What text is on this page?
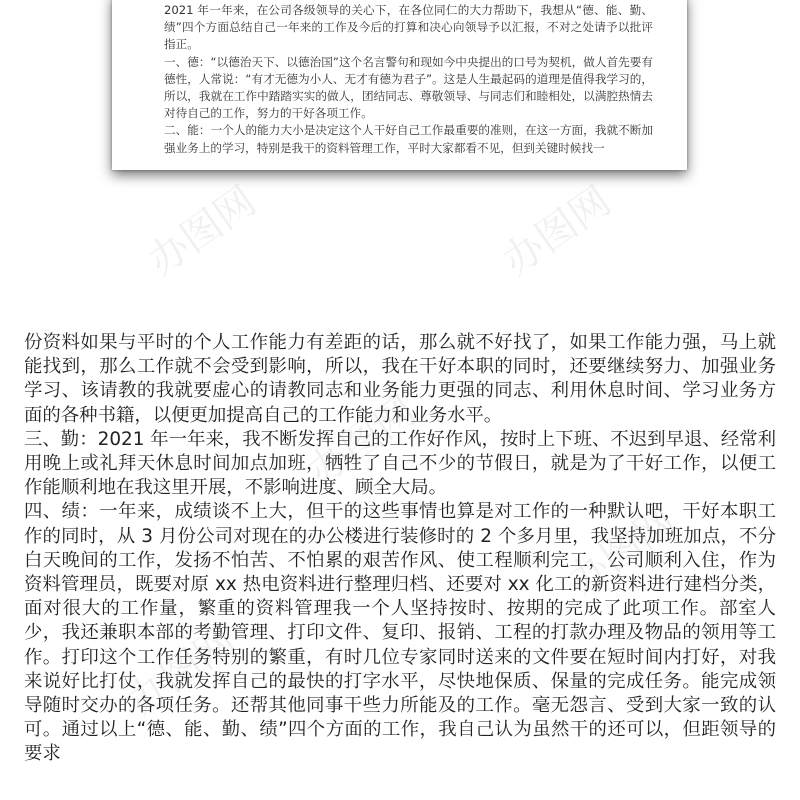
2021 年一年来，在公司各级领导的关心下，在各位同仁的大力帮助下，我想从“德、能、勤、绩”四个方面总结自己一年来的工作及今后的打算和决心向领导予以汇报，不对之处请予以批评指正。

一、德：“以德治天下、以德治国”这个名言警句和现如今中央提出的口号为契机，做人首先要有德性，人常说：“有才无德为小人、无才有德为君子”。这是人生最起码的道理是值得我学习的，所以，我就在工作中踏踏实实的做人，团结同志、尊敬领导、与同志们和睦相处，以满腔热情去对待自己的工作，努力的干好各项工作。

二、能：一个人的能力大小是决定这个人干好自己工作最重要的准则，在这一方面，我就不断加强业务上的学习，特别是我干的资料管理工作，平时大家都看不见，但到关键时候找一

办图网	办图网
办图网
办图网
办图网

份资料如果与平时的个人工作能力有差距的话，那么就不好找了，如果工作能力强，马上就能找到，那么工作就不会受到影响，所以，我在干好本职的同时，还要继续努力、加强业务学习、该请教的我就要虚心的请教同志和业务能力更强的同志、利用休息时间、学习业务方面的各种书籍，以便更加提高自己的工作能力和业务水平。

三、勤：2021 年一年来，我不断发挥自己的工作好作风，按时上下班、不迟到早退、经常利用晚上或礼拜天休息时间加点加班，牺牲了自己不少的节假日，就是为了干好工作，以便工作能顺利地在我这里开展，不影响进度、顾全大局。

四、绩：一年来，成绩谈不上大，但干的这些事情也算是对工作的一种默认吧，干好本职工作的同时，从 3 月份公司对现在的办公楼进行装修时的 2 个多月里，我坚持加班加点，不分白天晚间的工作，发扬不怕苦、不怕累的艰苦作风、使工程顺利完工，公司顺利入住，作为资料管理员，既要对原 xx 热电资料进行整理归档、还要对 xx 化工的新资料进行建档分类，面对很大的工作量，繁重的资料管理我一个人坚持按时、按期的完成了此项工作。部室人少，我还兼职本部的考勤管理、打印文件、复印、报销、工程的打款办理及物品的领用等工作。打印这个工作任务特别的繁重，有时几位专家同时送来的文件要在短时间内打好，对我来说好比打仗，我就发挥自己的最快的打字水平，尽快地保质、保量的完成任务。能完成领导随时交办的各项任务。还帮其他同事干些力所能及的工作。毫无怨言、受到大家一致的认可。通过以上“德、能、勤、绩”四个方面的工作，我自己认为虽然干的还可以，但距领导的要求
